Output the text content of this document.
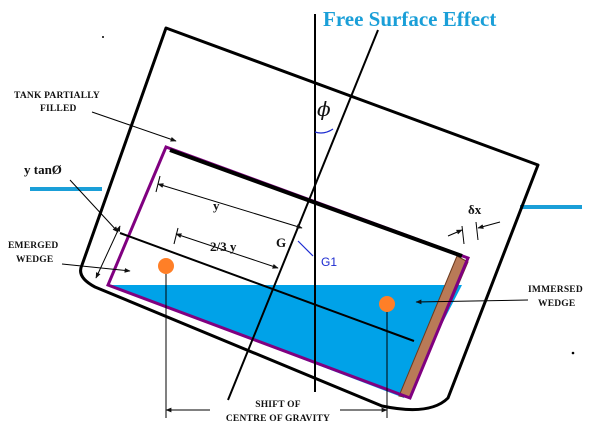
Free Surface Effect
ϕ
y
2/3 y
δx
G
G1
SHIFT OF
CENTRE OF GRAVITY
TANK PARTIALLY
FILLED
y tanØ
EMERGED
WEDGE
IMMERSED
WEDGE
